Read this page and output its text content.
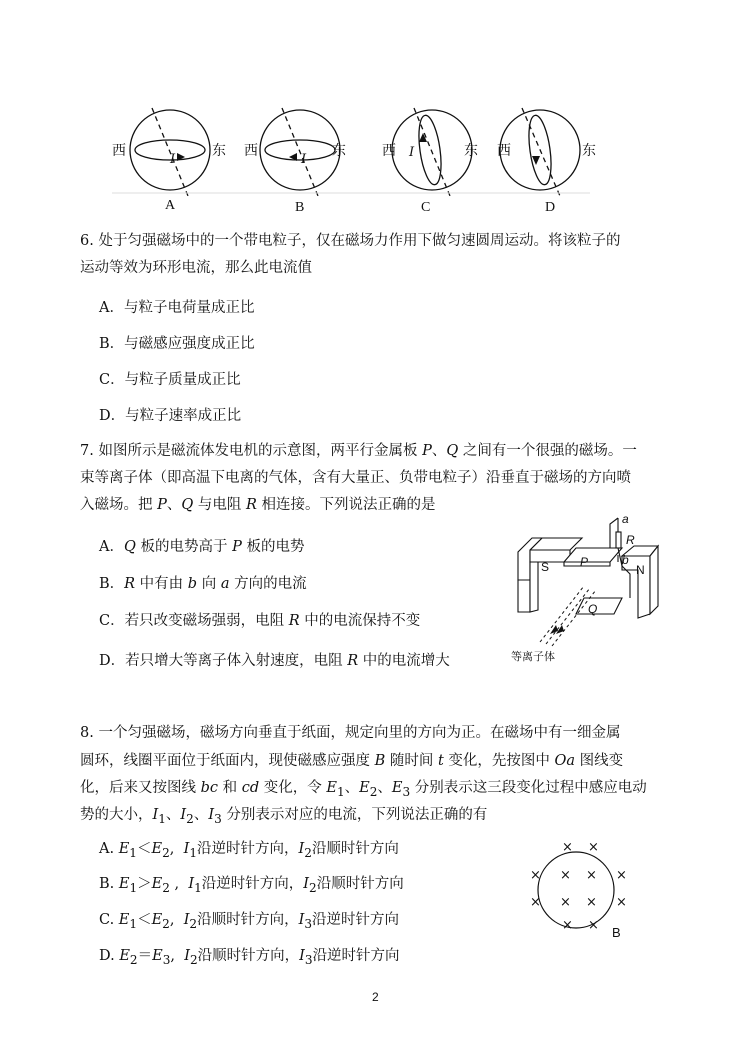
西	东 西	东	西	东 西	东
I	I	I
A	B	C	D
6. 处于匀强磁场中的一个带电粒子，仅在磁场力作用下做匀速圆周运动。将该粒子的
运动等效为环形电流，那么此电流值
A．与粒子电荷量成正比
B．与磁感应强度成正比
C．与粒子质量成正比
D．与粒子速率成正比
7. 如图所示是磁流体发电机的示意图，两平行金属板 P、Q 之间有一个很强的磁场。一
束等离子体（即高温下电离的气体，含有大量正、负带电粒子）沿垂直于磁场的方向喷
入磁场。把 P、Q 与电阻 R 相连接。下列说法正确的是
A．Q 板的电势高于 P 板的电势
B．R 中有由 b 向 a 方向的电流
C．若只改变磁场强弱，电阻 R 中的电流保持不变
D．若只增大等离子体入射速度，电阻 R 中的电流增大
S	P
N
Q
a
R
b
等离子体
8. 一个匀强磁场，磁场方向垂直于纸面，规定向里的方向为正。在磁场中有一细金属
圆环，线圈平面位于纸面内，现使磁感应强度 B 随时间 t 变化，先按图中 Oa 图线变
化，后来又按图线 bc 和 cd 变化，令 $E_1$、$E_2$、$E_3$ 分别表示这三段变化过程中感应电动
势的大小，$I_1$、$I_2$、$I_3$ 分别表示对应的电流，下列说法正确的有
A. $E_1<E_2$,  $I_1$沿逆时针方向，$I_2$沿顺时针方向
B. $E_1>E_2$ ,  $I_1$沿逆时针方向，$I_2$沿顺时针方向
C. $E_1<E_2$,  $I_2$沿顺时针方向，$I_3$沿逆时针方向
D. $E_2=E_3$,  $I_2$沿顺时针方向，$I_3$沿逆时针方向
× ×
× × × ×
× × × ×
× × B
2
